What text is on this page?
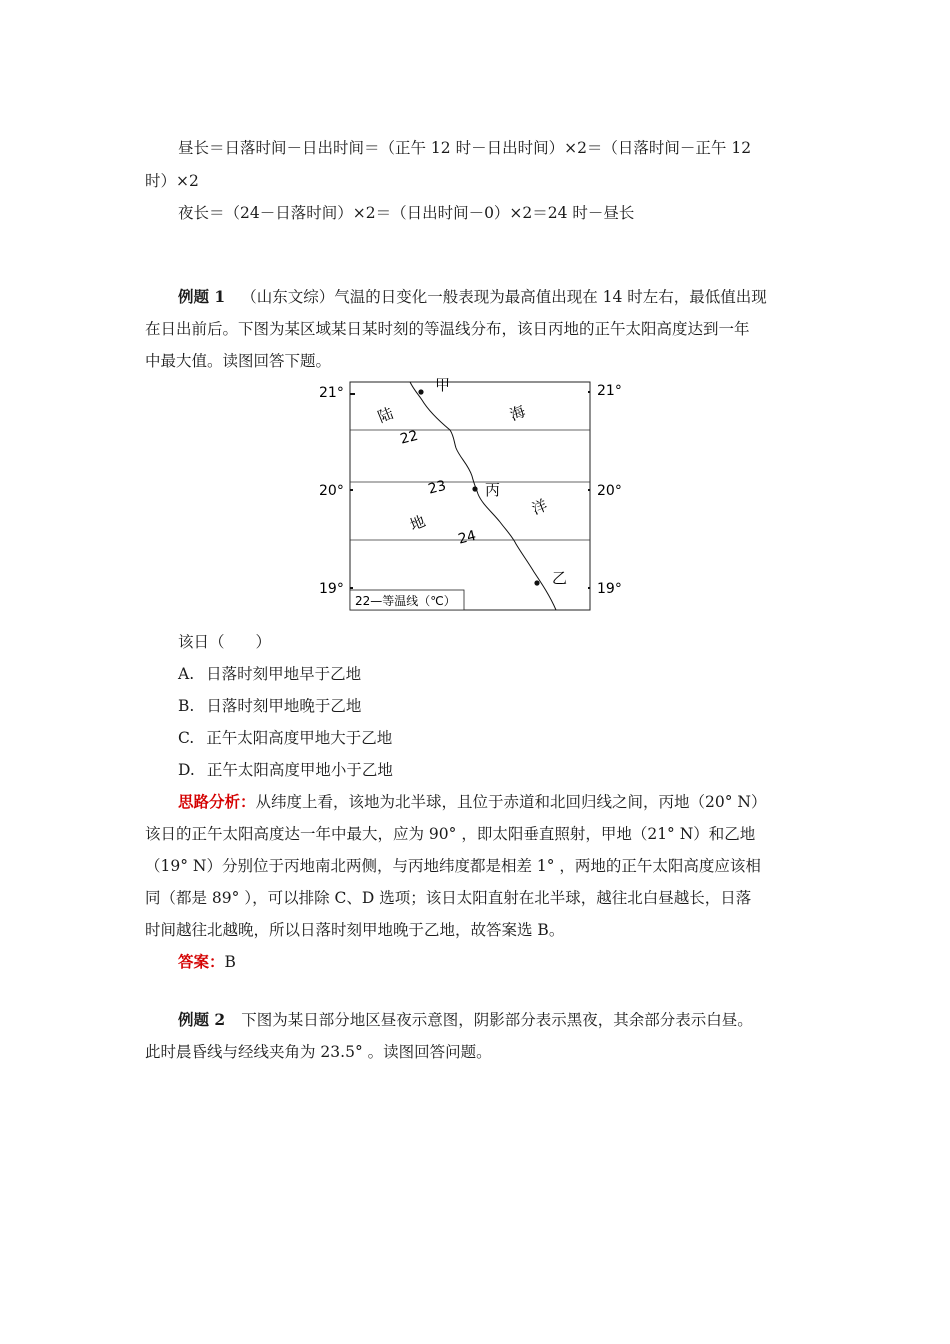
昼长＝日落时间－日出时间＝（正午 12 时－日出时间）×2＝（日落时间－正午 12
时）×2
夜长＝（24－日落时间）×2＝（日出时间－0）×2＝24 时－昼长
例题 1 （山东文综）气温的日变化一般表现为最高值出现在 14 时左右，最低值出现
在日出前后。下图为某区域某日某时刻的等温线分布，该日丙地的正午太阳高度达到一年
中最大值。读图回答下题。
21°	21°
20°	20°
19°	19°
甲
丙
乙
陆
地
海
洋
22
23
24
22—等温线（℃）
该日（　　）
A. 日落时刻甲地早于乙地
B. 日落时刻甲地晚于乙地
C. 正午太阳高度甲地大于乙地
D. 正午太阳高度甲地小于乙地
思路分析：从纬度上看，该地为北半球，且位于赤道和北回归线之间，丙地（20° N）
该日的正午太阳高度达一年中最大，应为 90° ，即太阳垂直照射，甲地（21° N）和乙地
（19° N）分别位于丙地南北两侧，与丙地纬度都是相差 1° ，两地的正午太阳高度应该相
同（都是 89° ），可以排除 C、D 选项；该日太阳直射在北半球，越往北白昼越长，日落
时间越往北越晚，所以日落时刻甲地晚于乙地，故答案选 B。
答案：B
例题 2 下图为某日部分地区昼夜示意图，阴影部分表示黑夜，其余部分表示白昼。
此时晨昏线与经线夹角为 23.5° 。读图回答问题。
